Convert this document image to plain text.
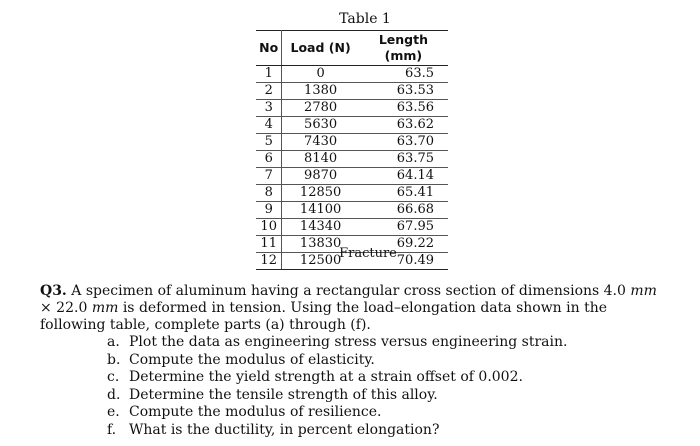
Table 1
No	Load (N)	Length (mm)
1	0	63.5
2	1380	63.53
3	2780	63.56
4	5630	63.62
5	7430	63.70
6	8140	63.75
7	9870	64.14
8	12850	65.41
9	14100	66.68
10	14340	67.95
11	13830	69.22
12	12500	70.49
Fracture

Q3. A specimen of aluminum having a rectangular cross section of dimensions 4.0 mm × 22.0 mm is deformed in tension. Using the load–elongation data shown in the following table, complete parts (a) through (f).

a. Plot the data as engineering stress versus engineering strain.
b. Compute the modulus of elasticity.
c. Determine the yield strength at a strain offset of 0.002.
d. Determine the tensile strength of this alloy.
e. Compute the modulus of resilience.
f. What is the ductility, in percent elongation?
